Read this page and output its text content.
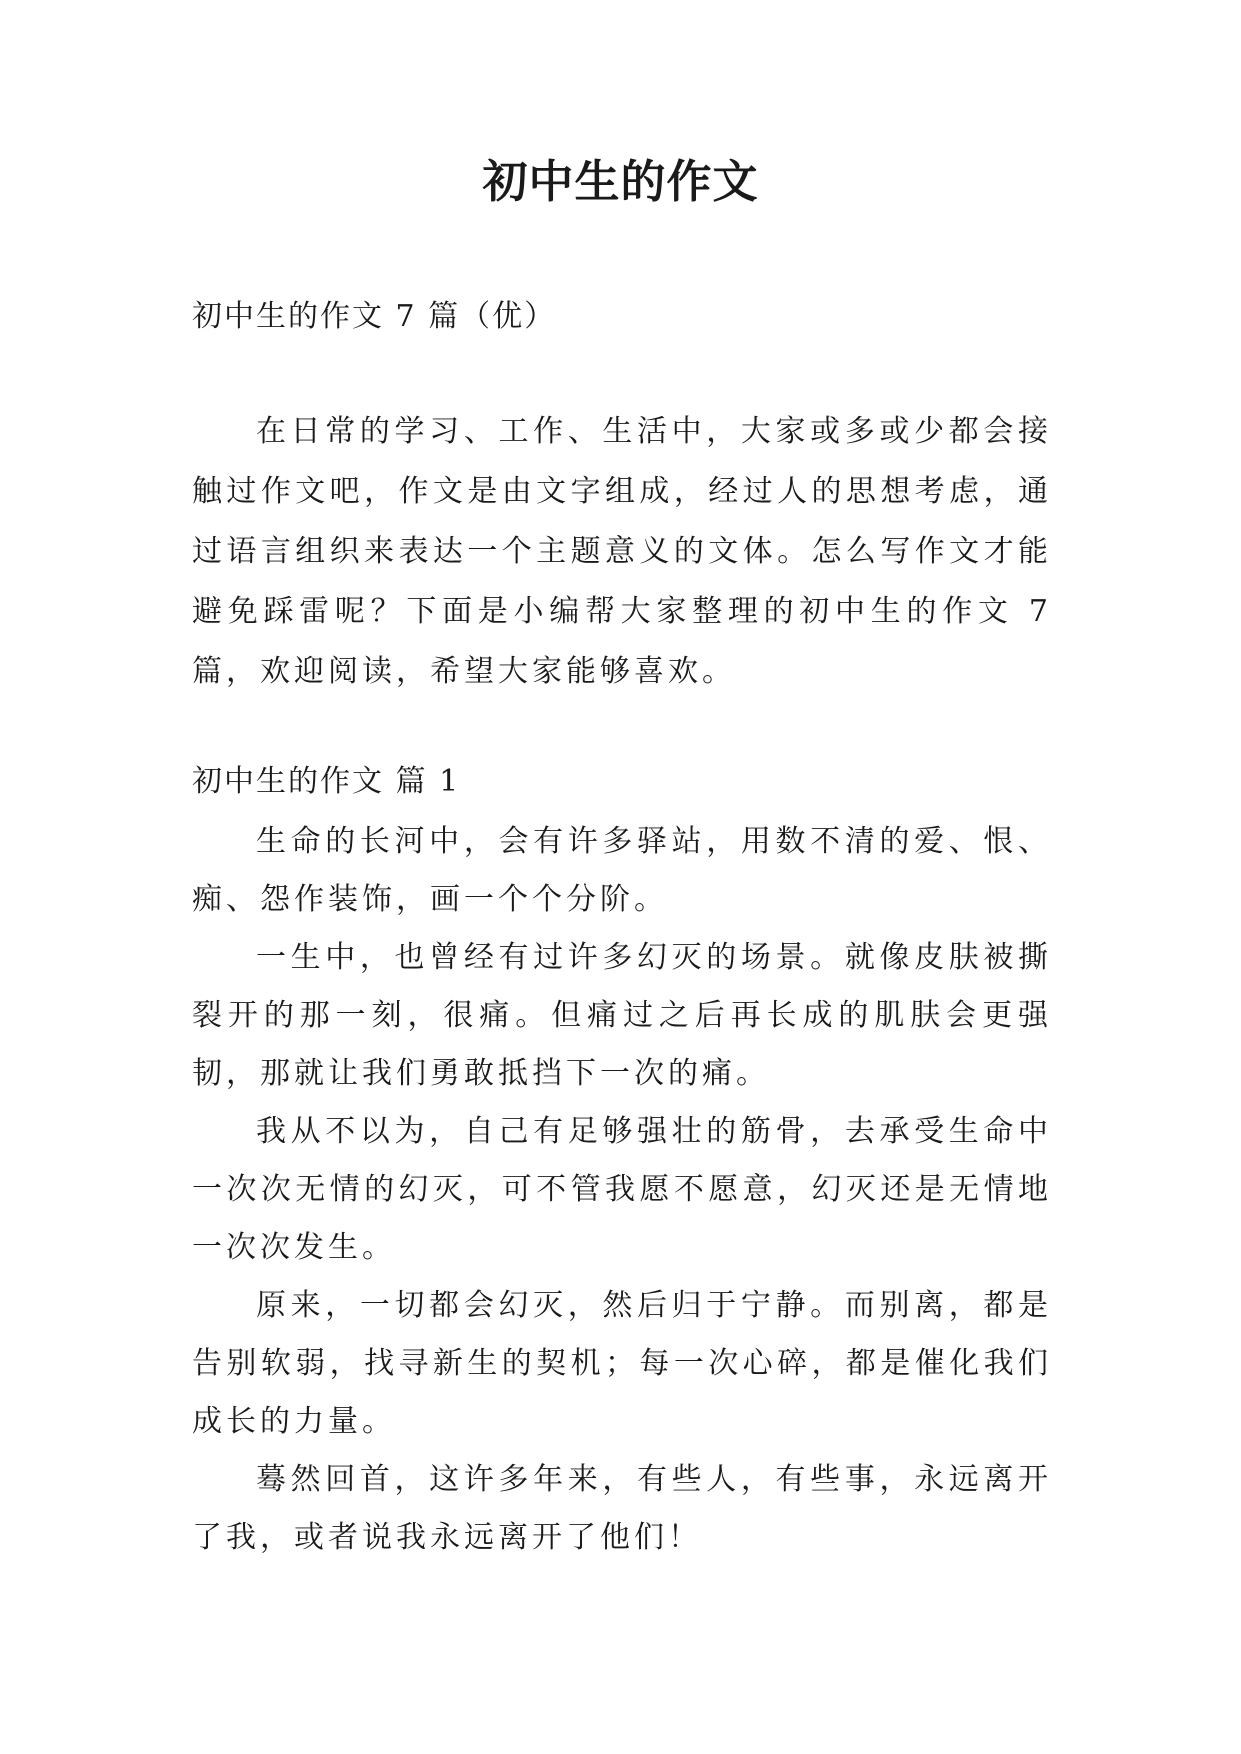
初中生的作文

初中生的作文 7 篇（优）

在日常的学习、工作、生活中，大家或多或少都会接触过作文吧，作文是由文字组成，经过人的思想考虑，通过语言组织来表达一个主题意义的文体。怎么写作文才能避免踩雷呢？下面是小编帮大家整理的初中生的作文 7 篇，欢迎阅读，希望大家能够喜欢。

初中生的作文 篇 1

生命的长河中，会有许多驿站，用数不清的爱、恨、痴、怨作装饰，画一个个分阶。

一生中，也曾经有过许多幻灭的场景。就像皮肤被撕裂开的那一刻，很痛。但痛过之后再长成的肌肤会更强韧，那就让我们勇敢抵挡下一次的痛。

我从不以为，自己有足够强壮的筋骨，去承受生命中一次次无情的幻灭，可不管我愿不愿意，幻灭还是无情地一次次发生。

原来，一切都会幻灭，然后归于宁静。而别离，都是告别软弱，找寻新生的契机；每一次心碎，都是催化我们成长的力量。

蓦然回首，这许多年来，有些人，有些事，永远离开了我，或者说我永远离开了他们！
